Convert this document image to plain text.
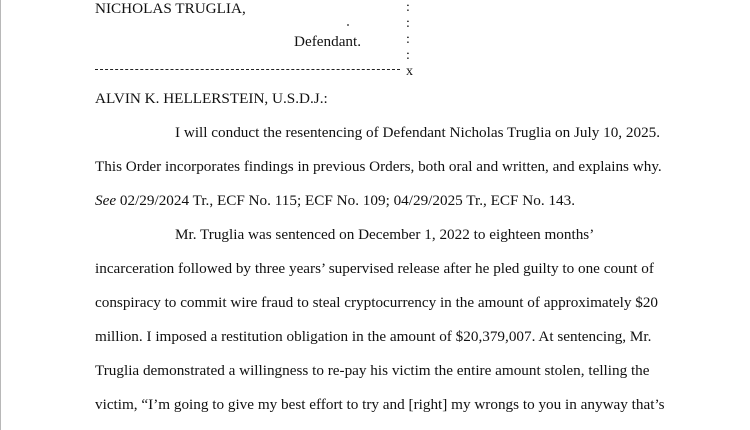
NICHOLAS TRUGLIA,
Defendant.
:
:
:
:
x
ALVIN K. HELLERSTEIN, U.S.D.J.:
I will conduct the resentencing of Defendant Nicholas Truglia on July 10, 2025.
This Order incorporates findings in previous Orders, both oral and written, and explains why.
See 02/29/2024 Tr., ECF No. 115; ECF No. 109; 04/29/2025 Tr., ECF No. 143.
Mr. Truglia was sentenced on December 1, 2022 to eighteen months’
incarceration followed by three years’ supervised release after he pled guilty to one count of
conspiracy to commit wire fraud to steal cryptocurrency in the amount of approximately $20
million. I imposed a restitution obligation in the amount of $20,379,007. At sentencing, Mr.
Truglia demonstrated a willingness to re-pay his victim the entire amount stolen, telling the
victim, “I’m going to give my best effort to try and [right] my wrongs to you in anyway that’s
